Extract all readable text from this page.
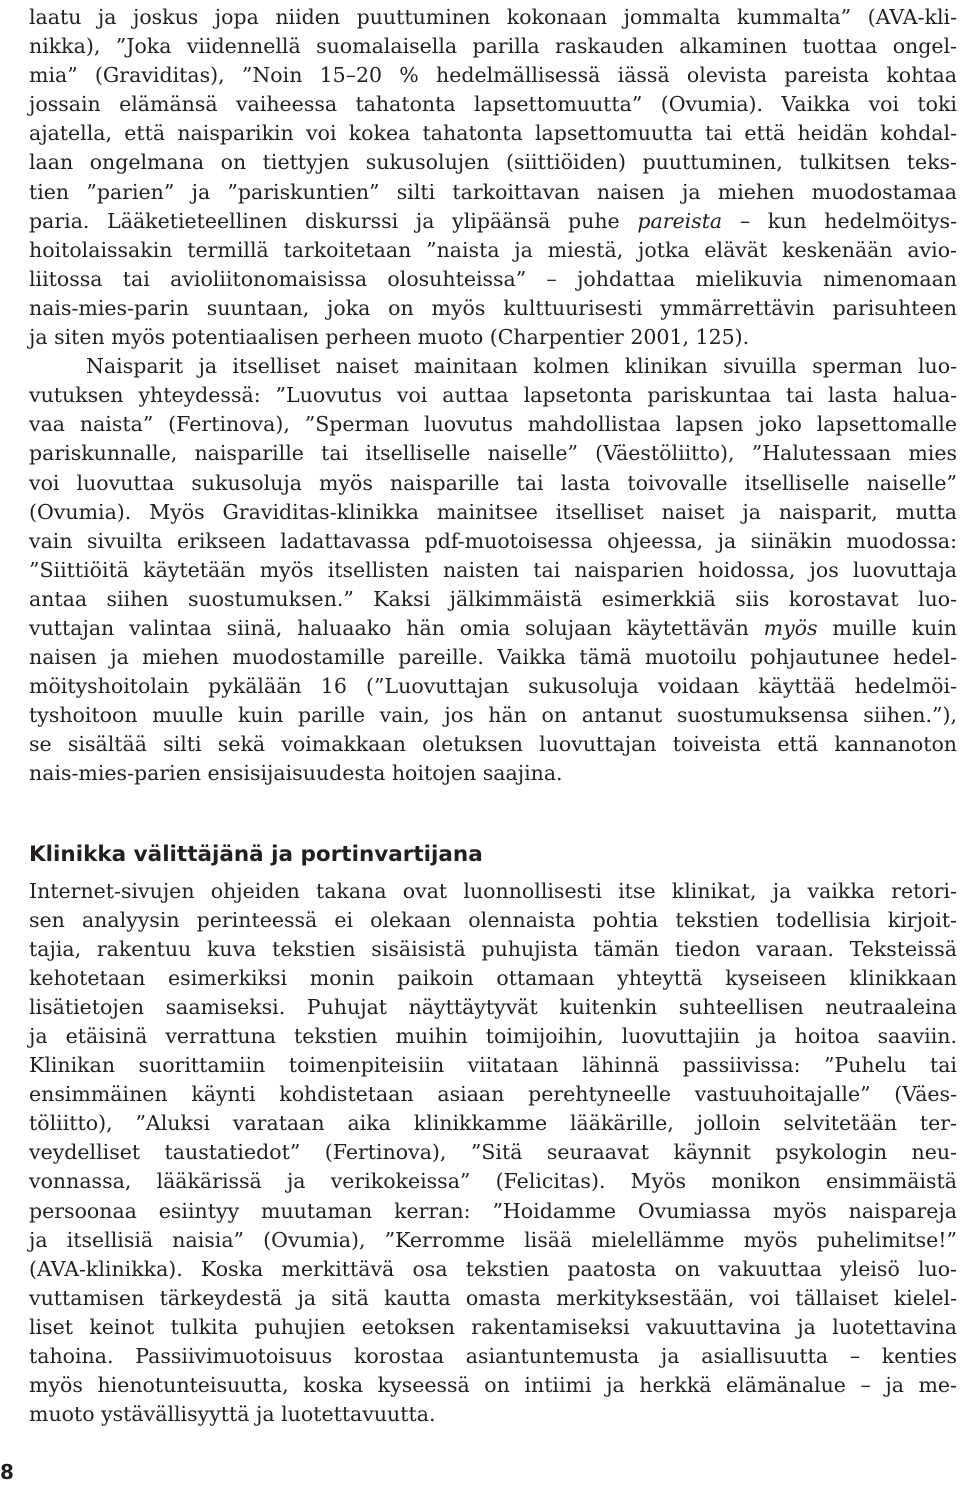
laatu ja joskus jopa niiden puuttuminen kokonaan jommalta kummalta” (AVA-kli-
nikka), ”Joka viidennellä suomalaisella parilla raskauden alkaminen tuottaa ongel-
mia” (Graviditas), ”Noin 15–20 % hedelmällisessä iässä olevista pareista kohtaa
jossain elämänsä vaiheessa tahatonta lapsettomuutta” (Ovumia). Vaikka voi toki
ajatella, että naisparikin voi kokea tahatonta lapsettomuutta tai että heidän kohdal-
laan ongelmana on tiettyjen sukusolujen (siittiöiden) puuttuminen, tulkitsen teks-
tien ”parien” ja ”pariskuntien” silti tarkoittavan naisen ja miehen muodostamaa
paria. Lääketieteellinen diskurssi ja ylipäänsä puhe pareista – kun hedelmöitys-
hoitolaissakin termillä tarkoitetaan ”naista ja miestä, jotka elävät keskenään avio-
liitossa tai avioliitonomaisissa olosuhteissa” – johdattaa mielikuvia nimenomaan
nais-mies-parin suuntaan, joka on myös kulttuurisesti ymmärrettävin parisuhteen
ja siten myös potentiaalisen perheen muoto (Charpentier 2001, 125).
Naisparit ja itselliset naiset mainitaan kolmen klinikan sivuilla sperman luo-
vutuksen yhteydessä: ”Luovutus voi auttaa lapsetonta pariskuntaa tai lasta halua-
vaa naista” (Fertinova), ”Sperman luovutus mahdollistaa lapsen joko lapsettomalle
pariskunnalle, naisparille tai itselliselle naiselle” (Väestöliitto), ”Halutessaan mies
voi luovuttaa sukusoluja myös naisparille tai lasta toivovalle itselliselle naiselle”
(Ovumia). Myös Graviditas-klinikka mainitsee itselliset naiset ja naisparit, mutta
vain sivuilta erikseen ladattavassa pdf-muotoisessa ohjeessa, ja siinäkin muodossa:
”Siittiöitä käytetään myös itsellisten naisten tai naisparien hoidossa, jos luovuttaja
antaa siihen suostumuksen.” Kaksi jälkimmäistä esimerkkiä siis korostavat luo-
vuttajan valintaa siinä, haluaako hän omia solujaan käytettävän myös muille kuin
naisen ja miehen muodostamille pareille. Vaikka tämä muotoilu pohjautunee hedel-
möityshoitolain pykälään 16 (”Luovuttajan sukusoluja voidaan käyttää hedelmöi-
tyshoitoon muulle kuin parille vain, jos hän on antanut suostumuksensa siihen.”),
se sisältää silti sekä voimakkaan oletuksen luovuttajan toiveista että kannanoton
nais-mies-parien ensisijaisuudesta hoitojen saajina.
Klinikka välittäjänä ja portinvartijana
Internet-sivujen ohjeiden takana ovat luonnollisesti itse klinikat, ja vaikka retori-
sen analyysin perinteessä ei olekaan olennaista pohtia tekstien todellisia kirjoit-
tajia, rakentuu kuva tekstien sisäisistä puhujista tämän tiedon varaan. Teksteissä
kehotetaan esimerkiksi monin paikoin ottamaan yhteyttä kyseiseen klinikkaan
lisätietojen saamiseksi. Puhujat näyttäytyvät kuitenkin suhteellisen neutraaleina
ja etäisinä verrattuna tekstien muihin toimijoihin, luovuttajiin ja hoitoa saaviin.
Klinikan suorittamiin toimenpiteisiin viitataan lähinnä passiivissa: ”Puhelu tai
ensimmäinen käynti kohdistetaan asiaan perehtyneelle vastuuhoitajalle” (Väes-
töliitto), ”Aluksi varataan aika klinikkamme lääkärille, jolloin selvitetään ter-
veydelliset taustatiedot” (Fertinova), ”Sitä seuraavat käynnit psykologin neu-
vonnassa, lääkärissä ja verikokeissa” (Felicitas). Myös monikon ensimmäistä
persoonaa esiintyy muutaman kerran: ”Hoidamme Ovumiassa myös naispareja
ja itsellisiä naisia” (Ovumia), ”Kerromme lisää mielellämme myös puhelimitse!”
(AVA-klinikka). Koska merkittävä osa tekstien paatosta on vakuuttaa yleisö luo-
vuttamisen tärkeydestä ja sitä kautta omasta merkityksestään, voi tällaiset kielel-
liset keinot tulkita puhujien eetoksen rakentamiseksi vakuuttavina ja luotettavina
tahoina. Passiivimuotoisuus korostaa asiantuntemusta ja asiallisuutta – kenties
myös hienotunteisuutta, koska kyseessä on intiimi ja herkkä elämänalue – ja me-
muoto ystävällisyyttä ja luotettavuutta.
8
